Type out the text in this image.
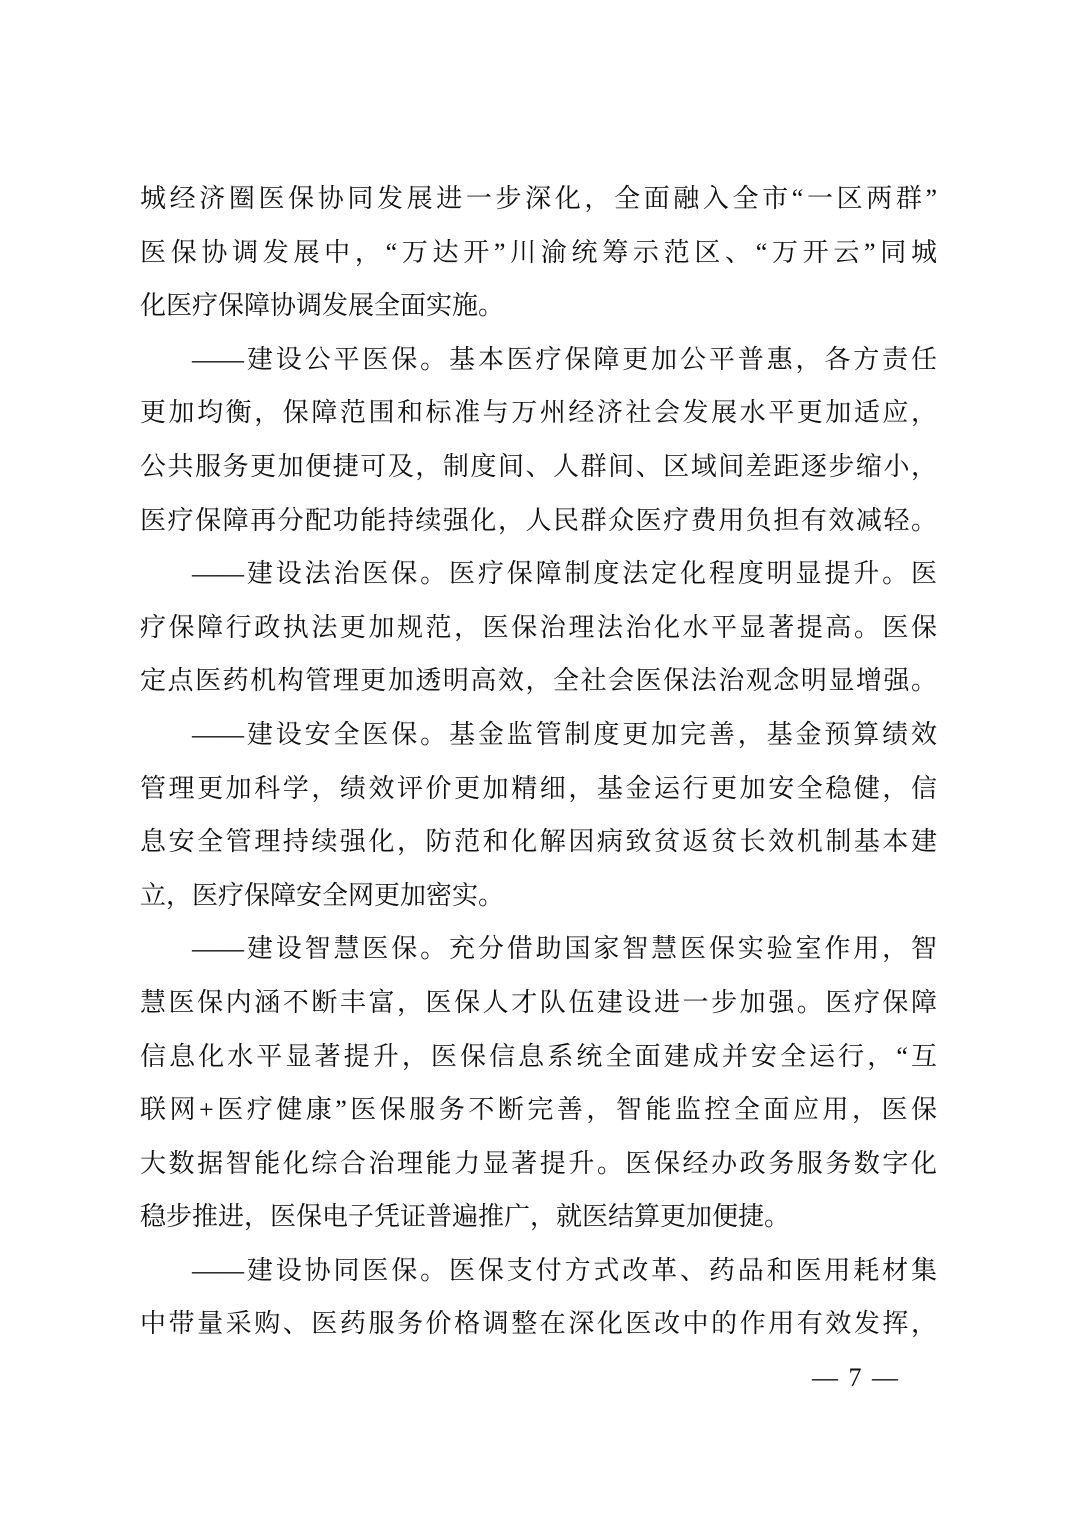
城经济圈医保协同发展进一步深化，全面融入全市“一区两群”
医保协调发展中，“万达开”川渝统筹示范区、“万开云”同城
化医疗保障协调发展全面实施。
——建设公平医保。基本医疗保障更加公平普惠，各方责任
更加均衡，保障范围和标准与万州经济社会发展水平更加适应，
公共服务更加便捷可及，制度间、人群间、区域间差距逐步缩小，
医疗保障再分配功能持续强化，人民群众医疗费用负担有效减轻。
——建设法治医保。医疗保障制度法定化程度明显提升。医
疗保障行政执法更加规范，医保治理法治化水平显著提高。医保
定点医药机构管理更加透明高效，全社会医保法治观念明显增强。
——建设安全医保。基金监管制度更加完善，基金预算绩效
管理更加科学，绩效评价更加精细，基金运行更加安全稳健，信
息安全管理持续强化，防范和化解因病致贫返贫长效机制基本建
立，医疗保障安全网更加密实。
——建设智慧医保。充分借助国家智慧医保实验室作用，智
慧医保内涵不断丰富，医保人才队伍建设进一步加强。医疗保障
信息化水平显著提升，医保信息系统全面建成并安全运行，“互
联网+医疗健康”医保服务不断完善，智能监控全面应用，医保
大数据智能化综合治理能力显著提升。医保经办政务服务数字化
稳步推进，医保电子凭证普遍推广，就医结算更加便捷。
——建设协同医保。医保支付方式改革、药品和医用耗材集
中带量采购、医药服务价格调整在深化医改中的作用有效发挥，
— 7 —
